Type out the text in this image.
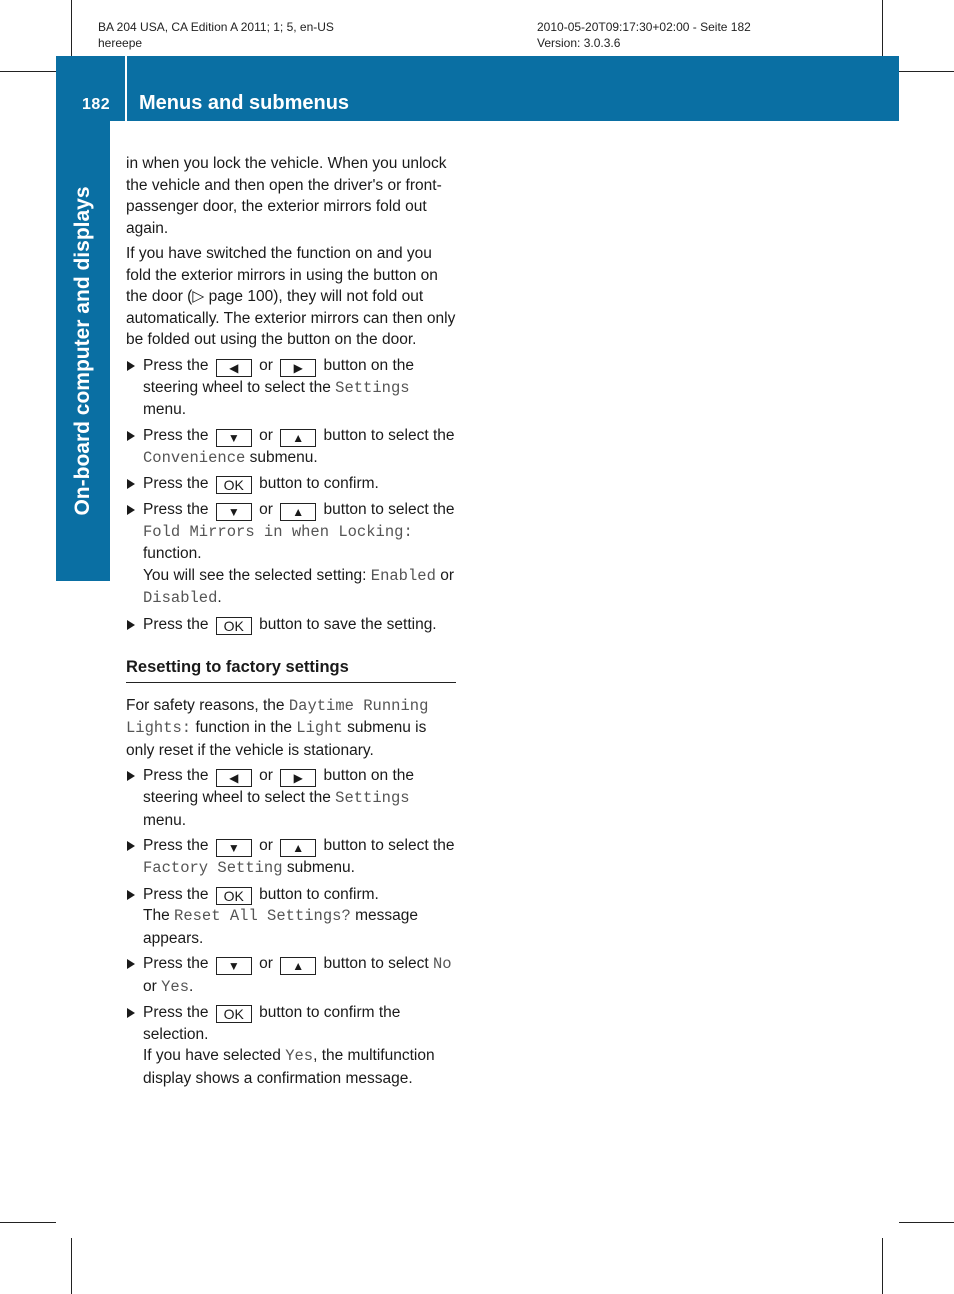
BA 204 USA, CA Edition A 2011; 1; 5, en-US
hereepe
2010-05-20T09:17:30+02:00 - Seite 182
Version: 3.0.3.6
182 Menus and submenus
On-board computer and displays

in when you lock the vehicle. When you unlock the vehicle and then open the driver's or front-passenger door, the exterior mirrors fold out again.

If you have switched the function on and you fold the exterior mirrors in using the button on the door (▷ page 100), they will not fold out automatically. The exterior mirrors can then only be folded out using the button on the door.

Press the ◀ or ▶ button on the steering wheel to select the Settings menu.
Press the ▼ or ▲ button to select the Convenience submenu.
Press the OK button to confirm.
Press the ▼ or ▲ button to select the Fold Mirrors in when Locking: function.
You will see the selected setting: Enabled or Disabled.
Press the OK button to save the setting.
Resetting to factory settings

For safety reasons, the Daytime Running Lights: function in the Light submenu is only reset if the vehicle is stationary.

Press the ◀ or ▶ button on the steering wheel to select the Settings menu.
Press the ▼ or ▲ button to select the Factory Setting submenu.
Press the OK button to confirm.
The Reset All Settings? message appears.
Press the ▼ or ▲ button to select No or Yes.
Press the OK button to confirm the selection.
If you have selected Yes, the multifunction display shows a confirmation message.
